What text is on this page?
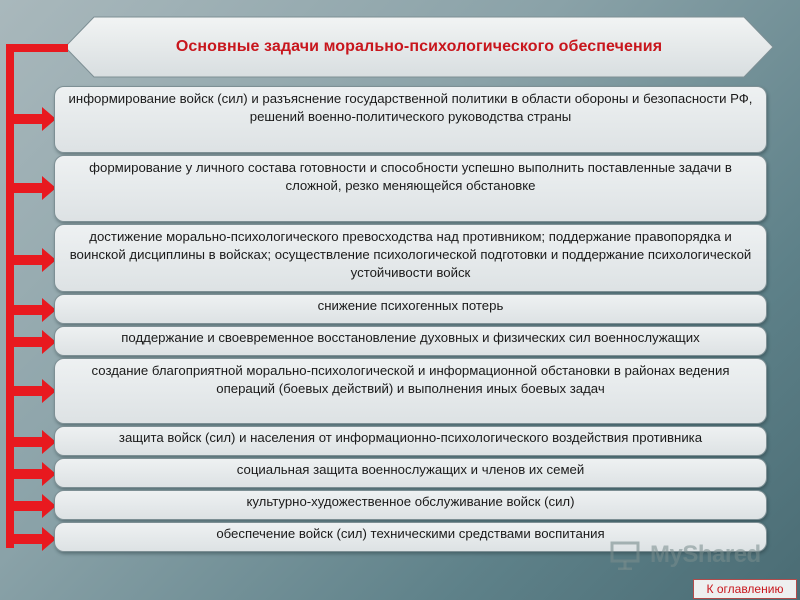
Основные задачи морально-психологического обеспечения
информирование войск (сил) и разъяснение государственной политики в области обороны и безопасности РФ, решений военно-политического руководства страны
формирование у личного состава готовности и способности успешно выполнить поставленные задачи в сложной, резко меняющейся обстановке
достижение морально-психологического превосходства над противником; поддержание правопорядка и воинской дисциплины в войсках; осуществление психологической подготовки и поддержание психологической устойчивости войск
снижение психогенных потерь
поддержание и своевременное восстановление духовных и физических сил военнослужащих
создание благоприятной морально-психологической и информационной обстановки в районах ведения операций (боевых действий) и выполнения иных боевых задач
защита войск (сил) и населения от информационно-психологического воздействия противника
социальная защита военнослужащих и членов их семей
культурно-художественное обслуживание войск (сил)
обеспечение войск (сил) техническими средствами воспитания
MyShared
К оглавлению
